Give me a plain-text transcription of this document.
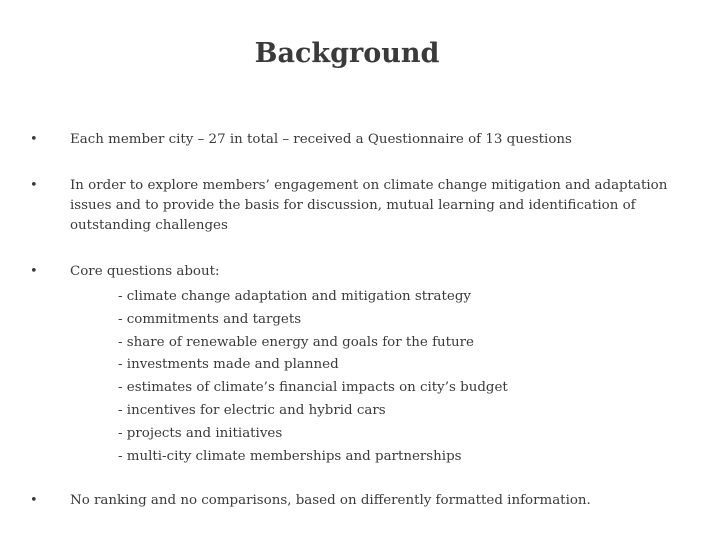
Background
•	Each member city – 27 in total – received a Questionnaire of 13 questions
•	In order to explore members’ engagement on climate change mitigation and adaptation issues and to provide the basis for discussion, mutual learning and identification of outstanding challenges
•	Core questions about:
- climate change adaptation and mitigation strategy
- commitments and targets
- share of renewable energy and goals for the future
- investments made and planned
- estimates of climate’s financial impacts on city’s budget
- incentives for electric and hybrid cars
- projects and initiatives
- multi-city climate memberships and partnerships
•	No ranking and no comparisons, based on differently formatted information.
